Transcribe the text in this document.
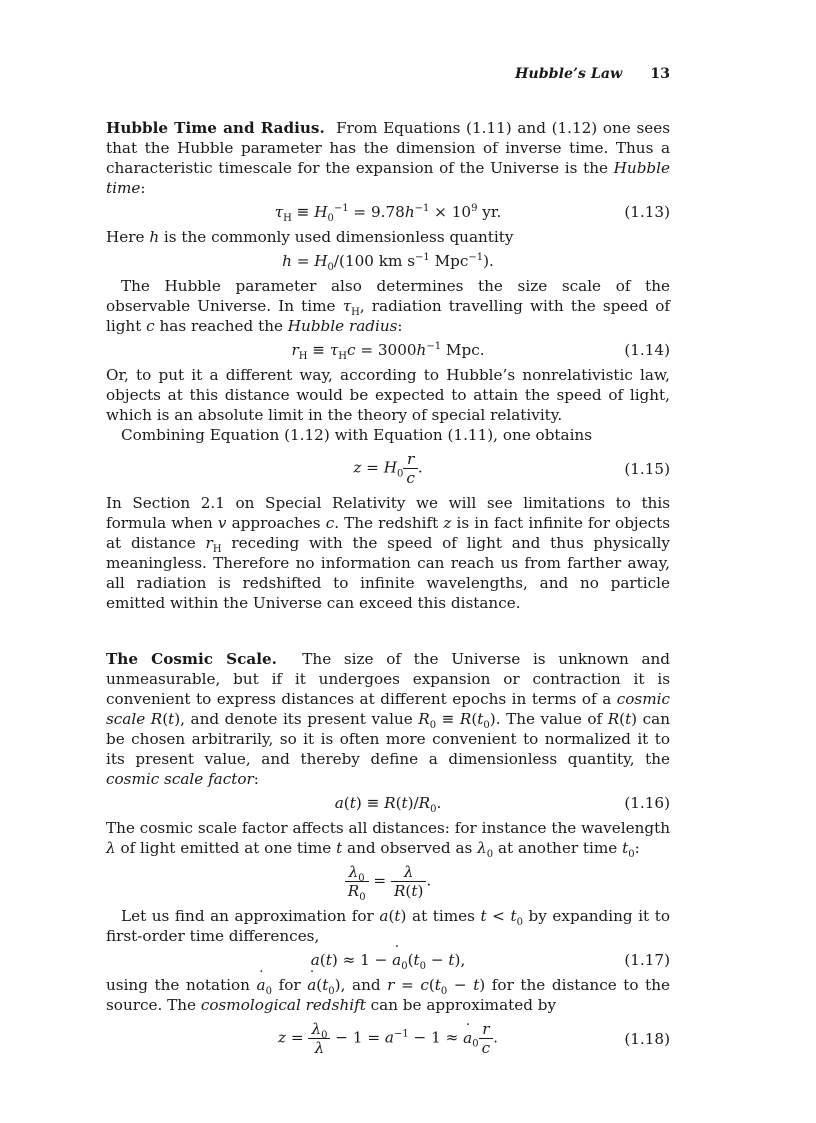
Hubble’s Law 13

Hubble Time and Radius.  From Equations (1.11) and (1.12) one sees that the Hubble parameter has the dimension of inverse time. Thus a characteristic timescale for the expansion of the Universe is the Hubble time:

$\tau_H \equiv H_0^{-1} = 9.78h^{-1} \times 10^9$ yr.	(1.13)

Here h is the commonly used dimensionless quantity

$h = H_0/(100$ km $s^{-1}$ Mpc$^{-1}$).

The Hubble parameter also determines the size scale of the observable Universe. In time $\tau_H$, radiation travelling with the speed of light c has reached the Hubble radius:

$r_H \equiv \tau_Hc = 3000h^{-1}$ Mpc.	(1.14)

Or, to put it a different way, according to Hubble’s nonrelativistic law, objects at this distance would be expected to attain the speed of light, which is an absolute limit in the theory of special relativity.

Combining Equation (1.12) with Equation (1.11), one obtains

$z = H_0 \frac{r}{c}$ .	(1.15)

In Section 2.1 on Special Relativity we will see limitations to this formula when v approaches c. The redshift z is in fact infinite for objects at distance $r_H$ receding with the speed of light and thus physically meaningless. Therefore no information can reach us from farther away, all radiation is redshifted to infinite wavelengths, and no particle emitted within the Universe can exceed this distance.

The Cosmic Scale.  The size of the Universe is unknown and unmeasurable, but if it undergoes expansion or contraction it is convenient to express distances at different epochs in terms of a cosmic scale R(t), and denote its present value $R_0 \equiv R(t_0)$. The value of R(t) can be chosen arbitrarily, so it is often more convenient to normalized it to its present value, and thereby define a dimensionless quantity, the cosmic scale factor:

$a(t) \equiv R(t)/R_0$.	(1.16)

The cosmic scale factor affects all distances: for instance the wavelength λ of light emitted at one time t and observed as $\lambda_0$ at another time $t_0$:

$\frac{\lambda_0}{R_0} = \frac{\lambda}{R(t)}$ .

Let us find an approximation for a(t) at times $t < t_0$ by expanding it to first-order time differences,

a(t) ≈ 1 − a $˙_0(t_0 - t)$,	(1.17)

using the notation a $˙_0$ for a $˙(t_0)$, and $r = c(t_0 - t)$ for the distance to the source. The cosmological redshift can be approximated by

$z = \frac{\lambda_0}{\lambda} - 1 = a^{-1} - 1 \approx a$ $˙_0 \frac{r}{c}$ .	(1.18)
